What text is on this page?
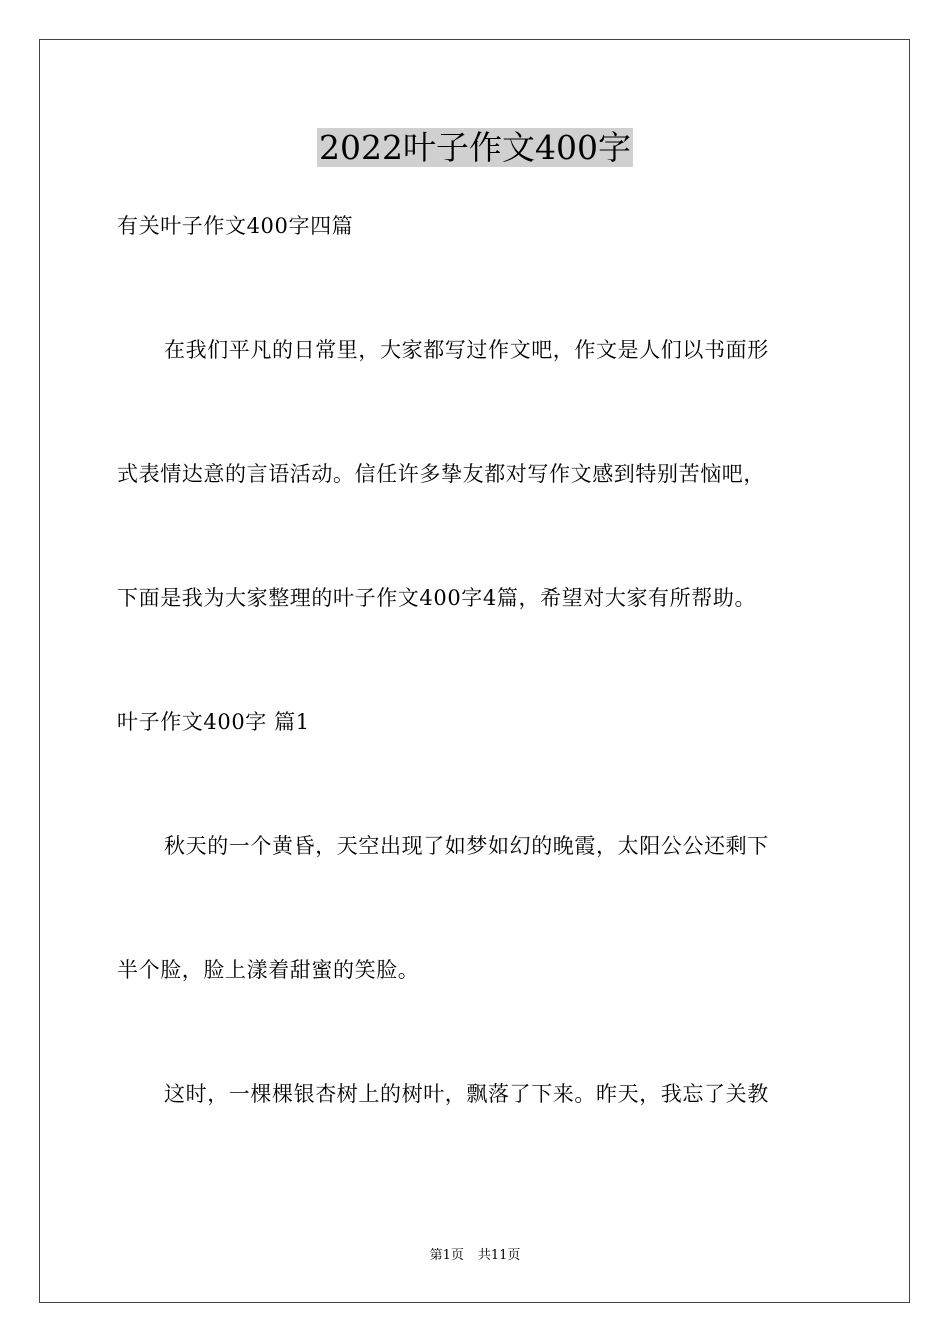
2022叶子作文400字
有关叶子作文400字四篇
在我们平凡的日常里，大家都写过作文吧，作文是人们以书面形
式表情达意的言语活动。信任许多挚友都对写作文感到特别苦恼吧，
下面是我为大家整理的叶子作文400字4篇，希望对大家有所帮助。
叶子作文400字 篇1
秋天的一个黄昏，天空出现了如梦如幻的晚霞，太阳公公还剩下
半个脸，脸上漾着甜蜜的笑脸。
这时，一棵棵银杏树上的树叶，飘落了下来。昨天，我忘了关教
第1页 共11页
